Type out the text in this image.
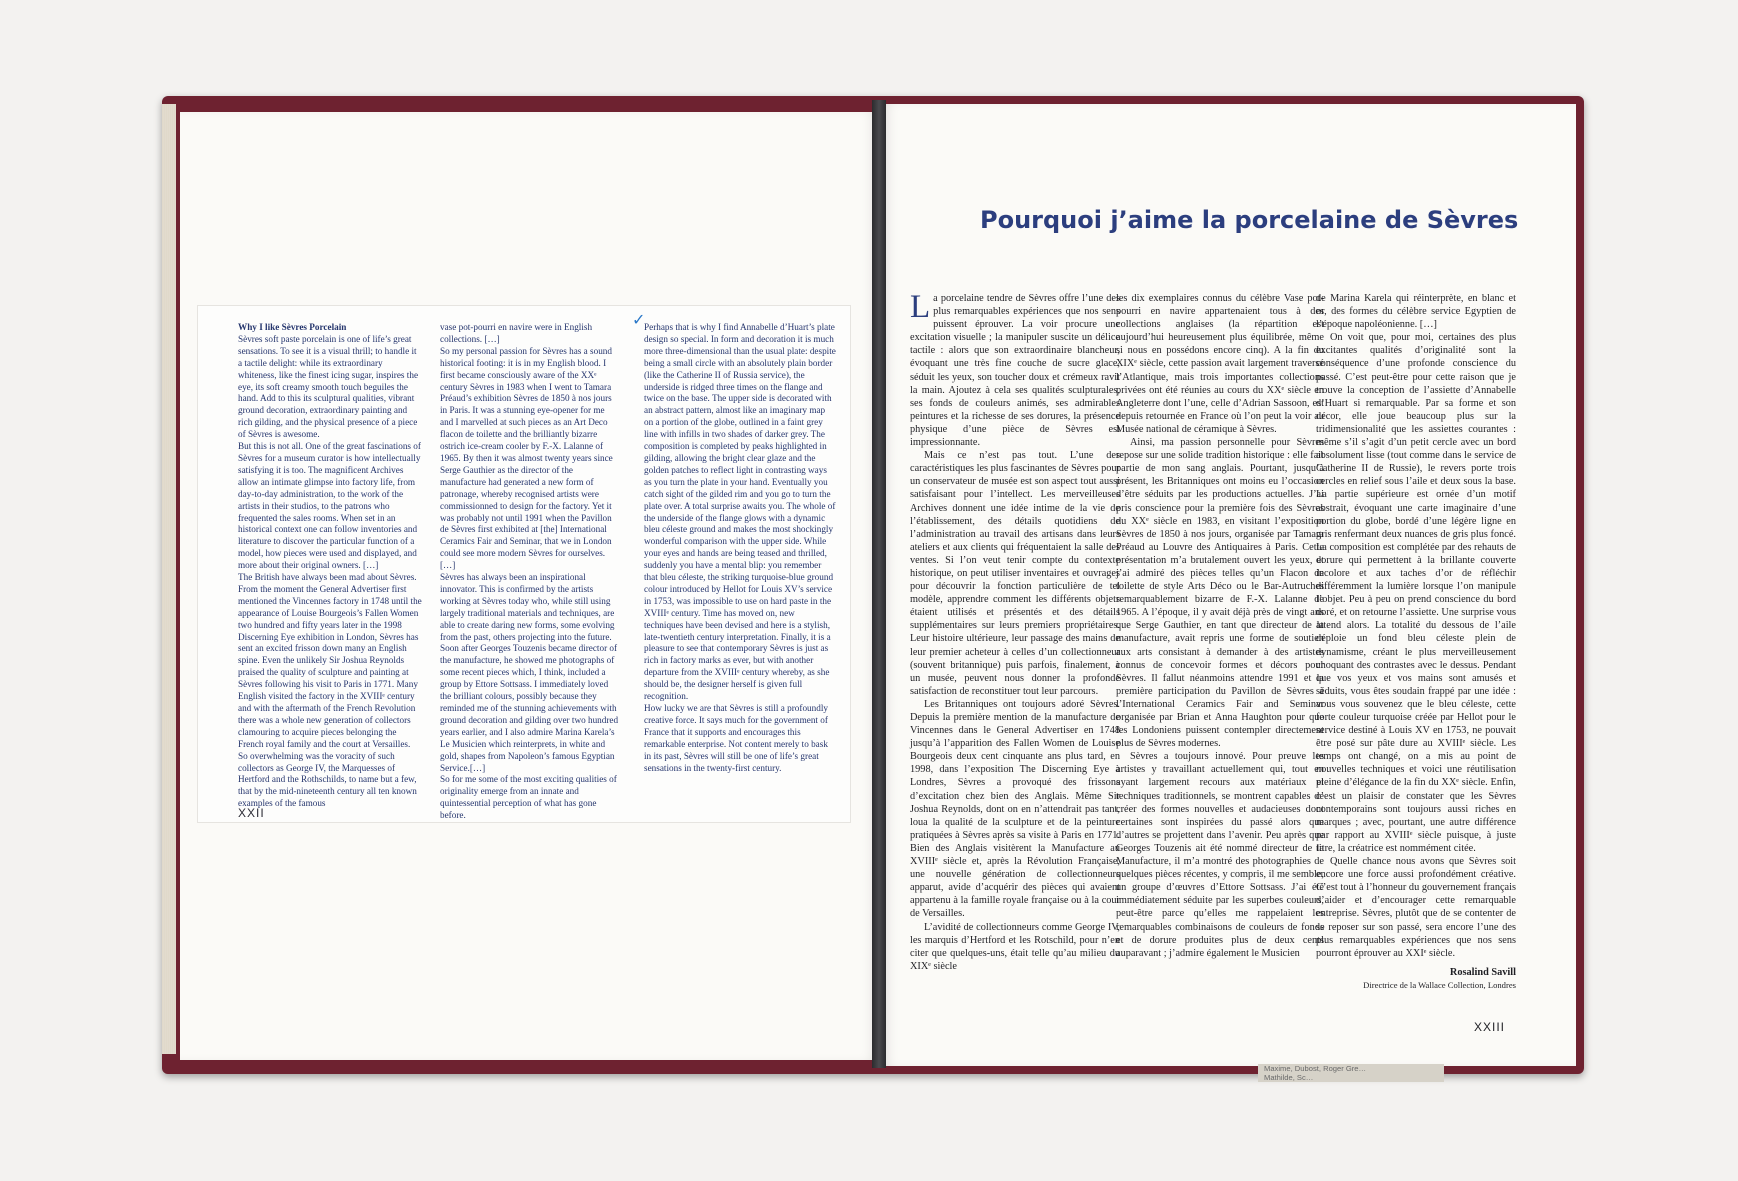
Why I like Sèvres Porcelain

Sèvres soft paste porcelain is one of life’s great sensations. To see it is a visual thrill; to handle it a tactile delight: while its extraordinary whiteness, like the finest icing sugar, inspires the eye, its soft creamy smooth touch beguiles the hand. Add to this its sculptural qualities, vibrant ground decoration, extraordinary painting and rich gilding, and the physical presence of a piece of Sèvres is awesome.

But this is not all. One of the great fascinations of Sèvres for a museum curator is how intellectually satisfying it is too. The magnificent Archives allow an intimate glimpse into factory life, from day-to-day administration, to the work of the artists in their studios, to the patrons who frequented the sales rooms. When set in an historical context one can follow inventories and literature to discover the particular function of a model, how pieces were used and displayed, and more about their original owners. […]

The British have always been mad about Sèvres. From the moment the General Advertiser first mentioned the Vincennes factory in 1748 until the appearance of Louise Bourgeois’s Fallen Women two hundred and fifty years later in the 1998 Discerning Eye exhibition in London, Sèvres has sent an excited frisson down many an English spine. Even the unlikely Sir Joshua Reynolds praised the quality of sculpture and painting at Sèvres following his visit to Paris in 1771. Many English visited the factory in the XVIIIᵉ century and with the aftermath of the French Revolution there was a whole new generation of collectors clamouring to acquire pieces belonging the French royal family and the court at Versailles. So overwhelming was the voracity of such collectors as George IV, the Marquesses of Hertford and the Rothschilds, to name but a few, that by the mid-nineteenth century all ten known examples of the famous

vase pot-pourri en navire were in English collections. […]

So my personal passion for Sèvres has a sound historical footing: it is in my English blood. I first became consciously aware of the XXᵉ century Sèvres in 1983 when I went to Tamara Préaud’s exhibition Sèvres de 1850 à nos jours in Paris. It was a stunning eye-opener for me and I marvelled at such pieces as an Art Deco flacon de toilette and the brilliantly bizarre ostrich ice-cream cooler by F.-X. Lalanne of 1965. By then it was almost twenty years since Serge Gauthier as the director of the manufacture had generated a new form of patronage, whereby recognised artists were commissionned to design for the factory. Yet it was probably not until 1991 when the Pavillon de Sèvres first exhibited at [the] International Ceramics Fair and Seminar, that we in London could see more modern Sèvres for ourselves. […]

Sèvres has always been an inspirational innovator. This is confirmed by the artists working at Sèvres today who, while still using largely traditional materials and techniques, are able to create daring new forms, some evolving from the past, others projecting into the future. Soon after Georges Touzenis became director of the manufacture, he showed me photographs of some recent pieces which, I think, included a group by Ettore Sottsass. I immediately loved the brilliant colours, possibly because they reminded me of the stunning achievements with ground decoration and gilding over two hundred years earlier, and I also admire Marina Karela’s Le Musicien which reinterprets, in white and gold, shapes from Napoleon’s famous Egyptian Service.[…]

So for me some of the most exciting qualities of originality emerge from an innate and quintessential perception of what has gone before.

Perhaps that is why I find Annabelle d’Huart’s plate design so special. In form and decoration it is much more three-dimensional than the usual plate: despite being a small circle with an absolutely plain border (like the Catherine II of Russia service), the underside is ridged three times on the flange and twice on the base. The upper side is decorated with an abstract pattern, almost like an imaginary map on a portion of the globe, outlined in a faint grey line with infills in two shades of darker grey. The composition is completed by peaks highlighted in gilding, allowing the bright clear glaze and the golden patches to reflect light in contrasting ways as you turn the plate in your hand. Eventually you catch sight of the gilded rim and you go to turn the plate over. A total surprise awaits you. The whole of the underside of the flange glows with a dynamic bleu céleste ground and makes the most shockingly wonderful comparison with the upper side. While your eyes and hands are being teased and thrilled, suddenly you have a mental blip: you remember that bleu céleste, the striking turquoise-blue ground colour introduced by Hellot for Louis XV’s service in 1753, was impossible to use on hard paste in the XVIIIᵉ century. Time has moved on, new techniques have been devised and here is a stylish, late-twentieth century interpretation. Finally, it is a pleasure to see that contemporary Sèvres is just as rich in factory marks as ever, but with another departure from the XVIIIᵉ century whereby, as she should be, the designer herself is given full recognition.

How lucky we are that Sèvres is still a profoundly creative force. It says much for the government of France that it supports and encourages this remarkable enterprise. Not content merely to bask in its past, Sèvres will still be one of life’s great sensations in the twenty-first century.

✓

XXII

Pourquoi j’aime la porcelaine de Sèvres

La porcelaine tendre de Sèvres offre l’une des plus remarquables expériences que nos sens puissent éprouver. La voir procure une excitation visuelle ; la manipuler suscite un délice tactile : alors que son extraordinaire blancheur, évoquant une très fine couche de sucre glace, séduit les yeux, son toucher doux et crémeux ravit la main. Ajoutez à cela ses qualités sculpturales, ses fonds de couleurs animés, ses admirables peintures et la richesse de ses dorures, la présence physique d’une pièce de Sèvres est impressionnante.

Mais ce n’est pas tout. L’une des caractéristiques les plus fascinantes de Sèvres pour un conservateur de musée est son aspect tout aussi satisfaisant pour l’intellect. Les merveilleuses Archives donnent une idée intime de la vie de l’établissement, des détails quotidiens de l’administration au travail des artisans dans leurs ateliers et aux clients qui fréquentaient la salle des ventes. Si l’on veut tenir compte du contexte historique, on peut utiliser inventaires et ouvrages pour découvrir la fonction particulière de tel modèle, apprendre comment les différents objets étaient utilisés et présentés et des détails supplémentaires sur leurs premiers propriétaires. Leur histoire ultérieure, leur passage des mains de leur premier acheteur à celles d’un collectionneur (souvent britannique) puis parfois, finalement, à un musée, peuvent nous donner la profonde satisfaction de reconstituer tout leur parcours.

Les Britanniques ont toujours adoré Sèvres. Depuis la première mention de la manufacture de Vincennes dans le General Advertiser en 1748 jusqu’à l’apparition des Fallen Women de Louise Bourgeois deux cent cinquante ans plus tard, en 1998, dans l’exposition The Discerning Eye à Londres, Sèvres a provoqué des frissons d’excitation chez bien des Anglais. Même Sir Joshua Reynolds, dont on en n’attendrait pas tant, loua la qualité de la sculpture et de la peinture pratiquées à Sèvres après sa visite à Paris en 1771. Bien des Anglais visitèrent la Manufacture au XVIIIᵉ siècle et, après la Révolution Française, une nouvelle génération de collectionneurs apparut, avide d’acquérir des pièces qui avaient appartenu à la famille royale française ou à la cour de Versailles.

L’avidité de collectionneurs comme George IV, les marquis d’Hertford et les Rotschild, pour n’en citer que quelques-uns, était telle qu’au milieu du XIXᵉ siècle

les dix exemplaires connus du célèbre Vase pot-pourri en navire appartenaient tous à des collections anglaises (la répartition est aujourd’hui heureusement plus équilibrée, même si nous en possédons encore cinq). A la fin du XIXᵉ siècle, cette passion avait largement traversé l’Atlantique, mais trois importantes collections privées ont été réunies au cours du XXᵉ siècle en Angleterre dont l’une, celle d’Adrian Sassoon, est depuis retournée en France où l’on peut la voir au Musée national de céramique à Sèvres.

Ainsi, ma passion personnelle pour Sèvres repose sur une solide tradition historique : elle fait partie de mon sang anglais. Pourtant, jusqu’à présent, les Britanniques ont moins eu l’occasion d’être séduits par les productions actuelles. J’ai pris conscience pour la première fois des Sèvres du XXᵉ siècle en 1983, en visitant l’exposition Sèvres de 1850 à nos jours, organisée par Tamara Préaud au Louvre des Antiquaires à Paris. Cette présentation m’a brutalement ouvert les yeux, et j’ai admiré des pièces telles qu’un Flacon de toilette de style Arts Déco ou le Bar-Autruches remarquablement bizarre de F.-X. Lalanne de 1965. A l’époque, il y avait déjà près de vingt ans que Serge Gauthier, en tant que directeur de la manufacture, avait repris une forme de soutien aux arts consistant à demander à des artistes connus de concevoir formes et décors pour Sèvres. Il fallut néanmoins attendre 1991 et la première participation du Pavillon de Sèvres à l’International Ceramics Fair and Seminar organisée par Brian et Anna Haughton pour que les Londoniens puissent contempler directement plus de Sèvres modernes.

Sèvres a toujours innové. Pour preuve les artistes y travaillant actuellement qui, tout en ayant largement recours aux matériaux et techniques traditionnels, se montrent capables de créer des formes nouvelles et audacieuses dont certaines sont inspirées du passé alors que d’autres se projettent dans l’avenir. Peu après que Georges Touzenis ait été nommé directeur de la Manufacture, il m’a montré des photographies de quelques pièces récentes, y compris, il me semble, un groupe d’œuvres d’Ettore Sottsass. J’ai été immédiatement séduite par les superbes couleurs, peut-être parce qu’elles me rappelaient les remarquables combinaisons de couleurs de fonds et de dorure produites plus de deux cents auparavant ; j’admire également le Musicien

de Marina Karela qui réinterprète, en blanc et or, des formes du célèbre service Egyptien de l’époque napoléonienne. […]

On voit que, pour moi, certaines des plus excitantes qualités d’originalité sont la conséquence d’une profonde conscience du passé. C’est peut-être pour cette raison que je trouve la conception de l’assiette d’Annabelle d’Huart si remarquable. Par sa forme et son décor, elle joue beaucoup plus sur la tridimensionalité que les assiettes courantes : même s’il s’agit d’un petit cercle avec un bord absolument lisse (tout comme dans le service de Catherine II de Russie), le revers porte trois cercles en relief sous l’aile et deux sous la base. La partie supérieure est ornée d’un motif abstrait, évoquant une carte imaginaire d’une portion du globe, bordé d’une légère ligne en gris renfermant deux nuances de gris plus foncé. La composition est complétée par des rehauts de dorure qui permettent à la brillante couverte incolore et aux taches d’or de réfléchir différemment la lumière lorsque l’on manipule l’objet. Peu à peu on prend conscience du bord doré, et on retourne l’assiette. Une surprise vous attend alors. La totalité du dessous de l’aile déploie un fond bleu céleste plein de dynamisme, créant le plus merveilleusement choquant des contrastes avec le dessus. Pendant que vos yeux et vos mains sont amusés et séduits, vous êtes soudain frappé par une idée : vous vous souvenez que le bleu céleste, cette forte couleur turquoise créée par Hellot pour le service destiné à Louis XV en 1753, ne pouvait être posé sur pâte dure au XVIIIᵉ siècle. Les temps ont changé, on a mis au point de nouvelles techniques et voici une réutilisation pleine d’élégance de la fin du XXᵉ siècle. Enfin, c’est un plaisir de constater que les Sèvres contemporains sont toujours aussi riches en marques ; avec, pourtant, une autre différence par rapport au XVIIIᵉ siècle puisque, à juste titre, la créatrice est nommément citée.

Quelle chance nous avons que Sèvres soit encore une force aussi profondément créative. C’est tout à l’honneur du gouvernement français d’aider et d’encourager cette remarquable entreprise. Sèvres, plutôt que de se contenter de se reposer sur son passé, sera encore l’une des plus remarquables expériences que nos sens pourront éprouver au XXIᵉ siècle.

Rosalind Savill

Directrice de la Wallace Collection, Londres

XXIII

Maxime, Dubost, Roger Gre…
Mathilde, Sc…
